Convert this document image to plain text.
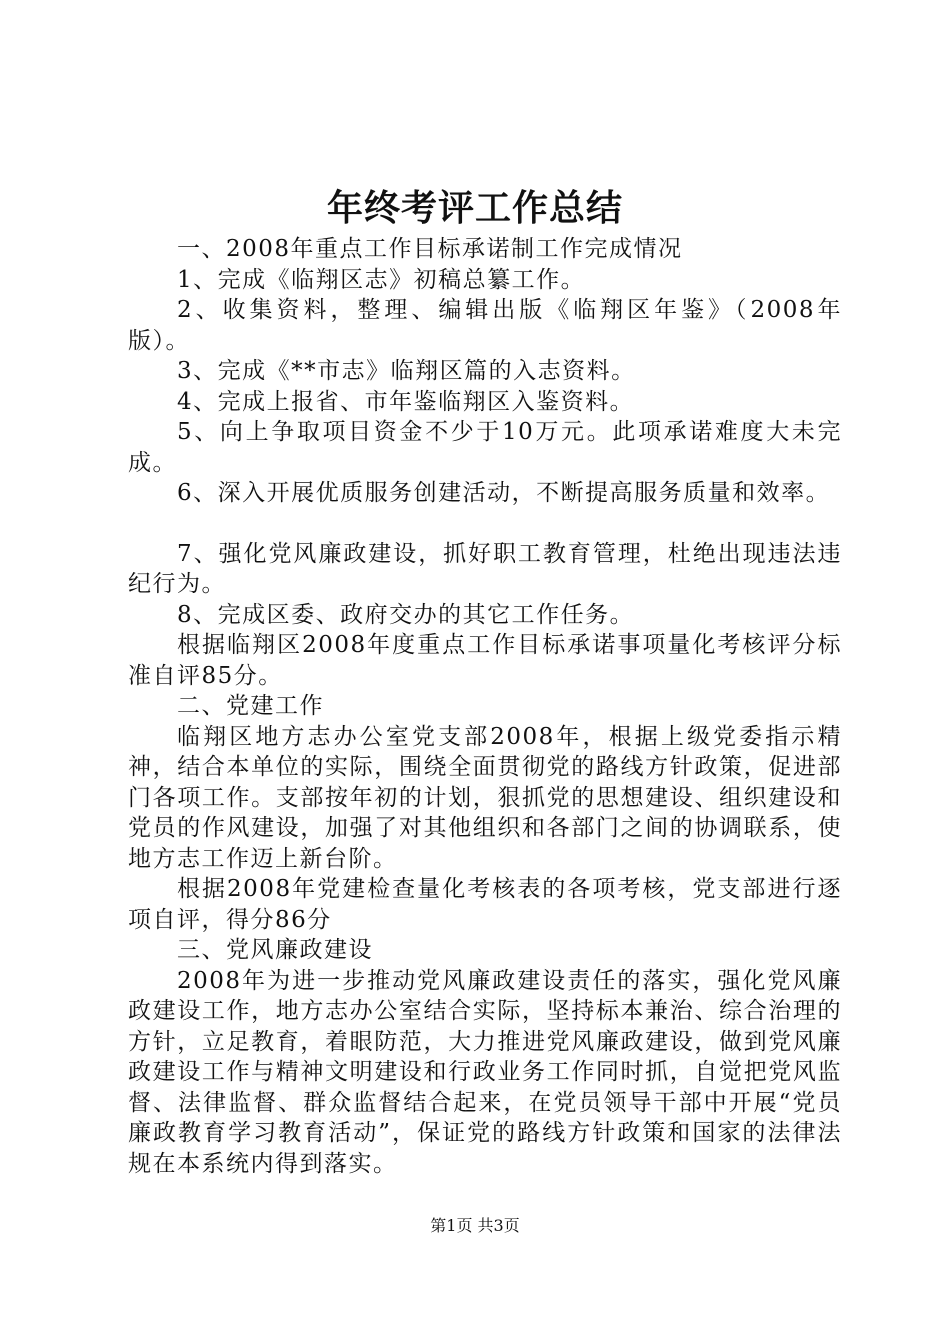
年终考评工作总结

一、2008年重点工作目标承诺制工作完成情况

1、完成《临翔区志》初稿总纂工作。

2、收集资料，整理、编辑出版《临翔区年鉴》（2008年版）。

3、完成《**市志》临翔区篇的入志资料。

4、完成上报省、市年鉴临翔区入鉴资料。

5、向上争取项目资金不少于10万元。此项承诺难度大未完成。

6、深入开展优质服务创建活动，不断提高服务质量和效率。

7、强化党风廉政建设，抓好职工教育管理，杜绝出现违法违纪行为。

8、完成区委、政府交办的其它工作任务。

根据临翔区2008年度重点工作目标承诺事项量化考核评分标准自评85分。

二、党建工作

临翔区地方志办公室党支部2008年，根据上级党委指示精神，结合本单位的实际，围绕全面贯彻党的路线方针政策，促进部门各项工作。支部按年初的计划，狠抓党的思想建设、组织建设和党员的作风建设，加强了对其他组织和各部门之间的协调联系，使地方志工作迈上新台阶。

根据2008年党建检查量化考核表的各项考核，党支部进行逐项自评，得分86分

三、党风廉政建设

2008年为进一步推动党风廉政建设责任的落实，强化党风廉政建设工作，地方志办公室结合实际，坚持标本兼治、综合治理的方针，立足教育，着眼防范，大力推进党风廉政建设，做到党风廉政建设工作与精神文明建设和行政业务工作同时抓，自觉把党风监督、法律监督、群众监督结合起来，在党员领导干部中开展“党员廉政教育学习教育活动”，保证党的路线方针政策和国家的法律法规在本系统内得到落实。

第1页 共3页
